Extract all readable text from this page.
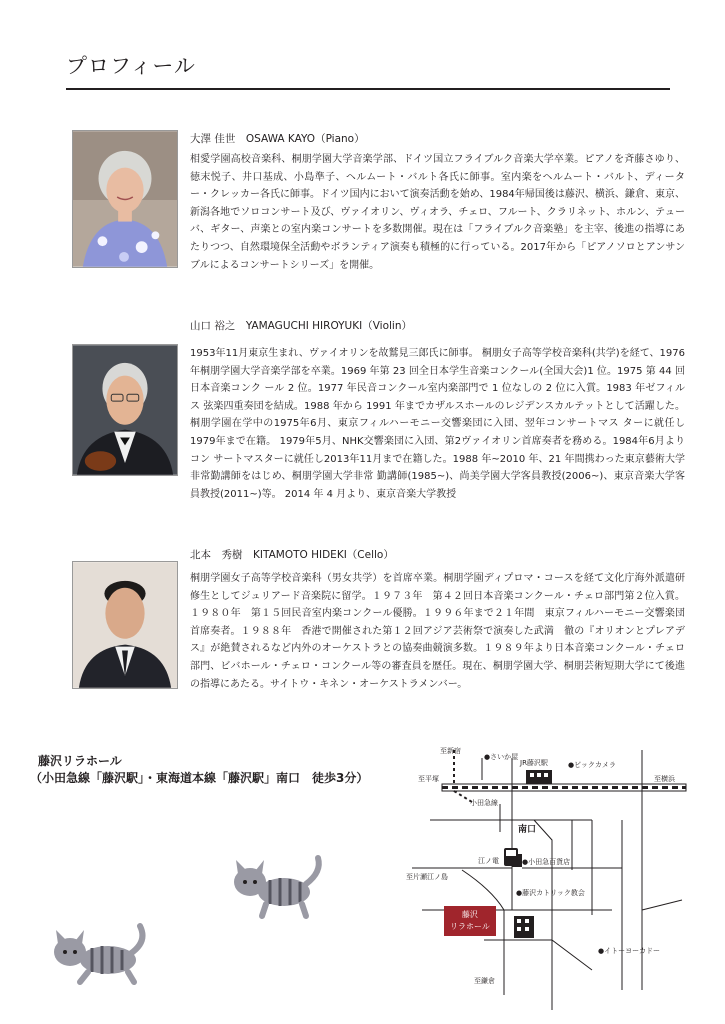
プロフィール
大澤 佳世　OSAWA KAYO（Piano）

相愛学園高校音楽科、桐朋学園大学音楽学部、ドイツ国立フライブルク音楽大学卒業。ピアノを斉藤さゆり、徳末悦子、井口基成、小島準子、ヘルムート・バルト各氏に師事。室内楽をヘルムート・バルト、ディーター・クレッカー各氏に師事。ドイツ国内において演奏活動を始め、1984年帰国後は藤沢、横浜、鎌倉、東京、新潟各地でソロコンサート及び、ヴァイオリン、ヴィオラ、チェロ、フルート、クラリネット、ホルン、テューバ、ギター、声楽との室内楽コンサートを多数開催。現在は「フライブルク音楽塾」を主宰、後進の指導にあたりつつ、自然環境保全活動やボランティア演奏も積極的に行っている。2017年から「ピアノソロとアンサンブルによるコンサートシリーズ」を開催。

山口 裕之　YAMAGUCHI HIROYUKI（Violin）

1953年11月東京生まれ、ヴァイオリンを故鷲見三郎氏に師事。 桐朋女子高等学校音楽科(共学)を経て、1976 年桐朋学園大学音楽学部を卒業。1969 年第 23 回全日本学生音楽コンクール(全国大会)1 位。1975 第 44 回日本音楽コンク ール 2 位。1977 年民音コンクール室内楽部門で 1 位なしの 2 位に入賞。1983 年ゼフィルス 弦楽四重奏団を結成。1988 年から 1991 年までカザルスホールのレジデンスカルテットとして活躍した。 桐朋学園在学中の1975年6月、東京フィルハーモニー交響楽団に入団、翌年コンサートマス ターに就任し1979年まで在籍。 1979年5月、NHK交響楽団に入団、第2ヴァイオリン首席奏者を務める。1984年6月よりコン サートマスターに就任し2013年11月まで在籍した。1988 年~2010 年、21 年間携わった東京藝術大学非常勤講師をはじめ、桐朋学園大学非常 勤講師(1985~)、尚美学園大学客員教授(2006~)、東京音楽大学客員教授(2011~)等。 2014 年 4 月より、東京音楽大学教授

北本　秀樹　KITAMOTO HIDEKI（Cello）

桐朋学園女子高等学校音楽科（男女共学）を首席卒業。桐朋学園ディプロマ・コースを経て文化庁海外派遣研修生としてジュリアード音楽院に留学。１９７３年　第４２回日本音楽コンクール・チェロ部門第２位入賞。１９８０年　第１５回民音室内楽コンクール優勝。１９９６年まで２１年間　東京フィルハーモニー交響楽団首席奏者。１９８８年　香港で開催された第１２回アジア芸術祭で演奏した武満　徹の『オリオンとプレアデス』が絶賛されるなど内外のオーケストラとの協奏曲競演多数。１９８９年より日本音楽コンクール・チェロ部門、ビバホール・チェロ・コンクール等の審査員を歴任。現在、桐朋学園大学、桐朋芸術短期大学にて後進の指導にあたる。サイトウ・キネン・オーケストラメンバー。

藤沢リラホール
（小田急線「藤沢駅」・東海道本線「藤沢駅」南口　徒歩3分）
至新宿
●さいか屋
JR藤沢駅	●ビックカメラ
至平塚	至横浜
小田急線
南口
江ノ電	●小田急百貨店
至片瀬江ノ島
●藤沢カトリック教会
藤沢
リラホール
●イトーヨーカドー
至鎌倉
